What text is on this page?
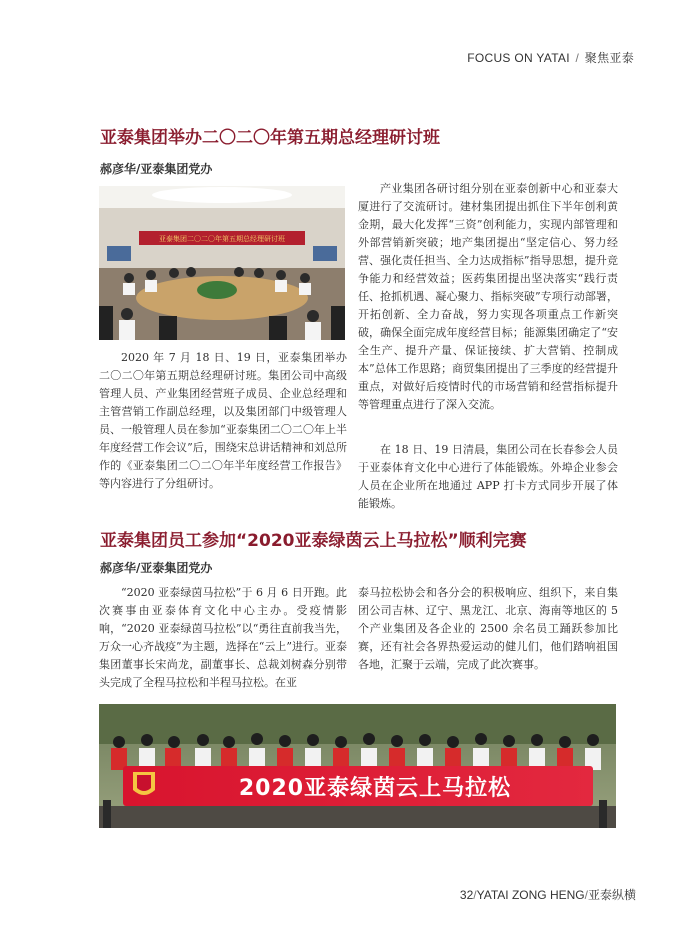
FOCUS ON YATAI / 聚焦亚泰
亚泰集团举办二〇二〇年第五期总经理研讨班
郝彦华/亚泰集团党办
亚泰集团二〇二〇年第五期总经理研讨班

2020 年 7 月 18 日、19 日，亚泰集团举办二〇二〇年第五期总经理研讨班。集团公司中高级管理人员、产业集团经营班子成员、企业总经理和主管营销工作副总经理，以及集团部门中级管理人员、一般管理人员在参加“亚泰集团二〇二〇年上半年度经营工作会议”后，围绕宋总讲话精神和刘总所作的《亚泰集团二〇二〇年半年度经营工作报告》等内容进行了分组研讨。

产业集团各研讨组分别在亚泰创新中心和亚泰大厦进行了交流研讨。建材集团提出抓住下半年创利黄金期，最大化发挥“三资”创利能力，实现内部管理和外部营销新突破；地产集团提出“坚定信心、努力经营、强化责任担当、全力达成指标”指导思想，提升竞争能力和经营效益；医药集团提出坚决落实“践行责任、抢抓机遇、凝心聚力、指标突破”专项行动部署，开拓创新、全力奋战，努力实现各项重点工作新突破，确保全面完成年度经营目标；能源集团确定了“安全生产、提升产量、保证接续、扩大营销、控制成本”总体工作思路；商贸集团提出了三季度的经营提升重点，对做好后疫情时代的市场营销和经营指标提升等管理重点进行了深入交流。

在 18 日、19 日清晨，集团公司在长春参会人员于亚泰体育文化中心进行了体能锻炼。外埠企业参会人员在企业所在地通过 APP 打卡方式同步开展了体能锻炼。

亚泰集团员工参加“2020亚泰绿茵云上马拉松”顺利完赛
郝彦华/亚泰集团党办

“2020 亚泰绿茵马拉松”于 6 月 6 日开跑。此次赛事由亚泰体育文化中心主办。受疫情影响，“2020 亚泰绿茵马拉松”以“勇往直前我当先，万众一心齐战疫”为主题，选择在“云上”进行。亚泰集团董事长宋尚龙，副董事长、总裁刘树森分别带头完成了全程马拉松和半程马拉松。在亚

泰马拉松协会和各分会的积极响应、组织下，来自集团公司吉林、辽宁、黑龙江、北京、海南等地区的 5 个产业集团及各企业的 2500 余名员工踊跃参加比赛，还有社会各界热爱运动的健儿们，他们踏响祖国各地，汇聚于云端，完成了此次赛事。

2020亚泰绿茵云上马拉松
32/YATAI ZONG HENG/亚泰纵横
